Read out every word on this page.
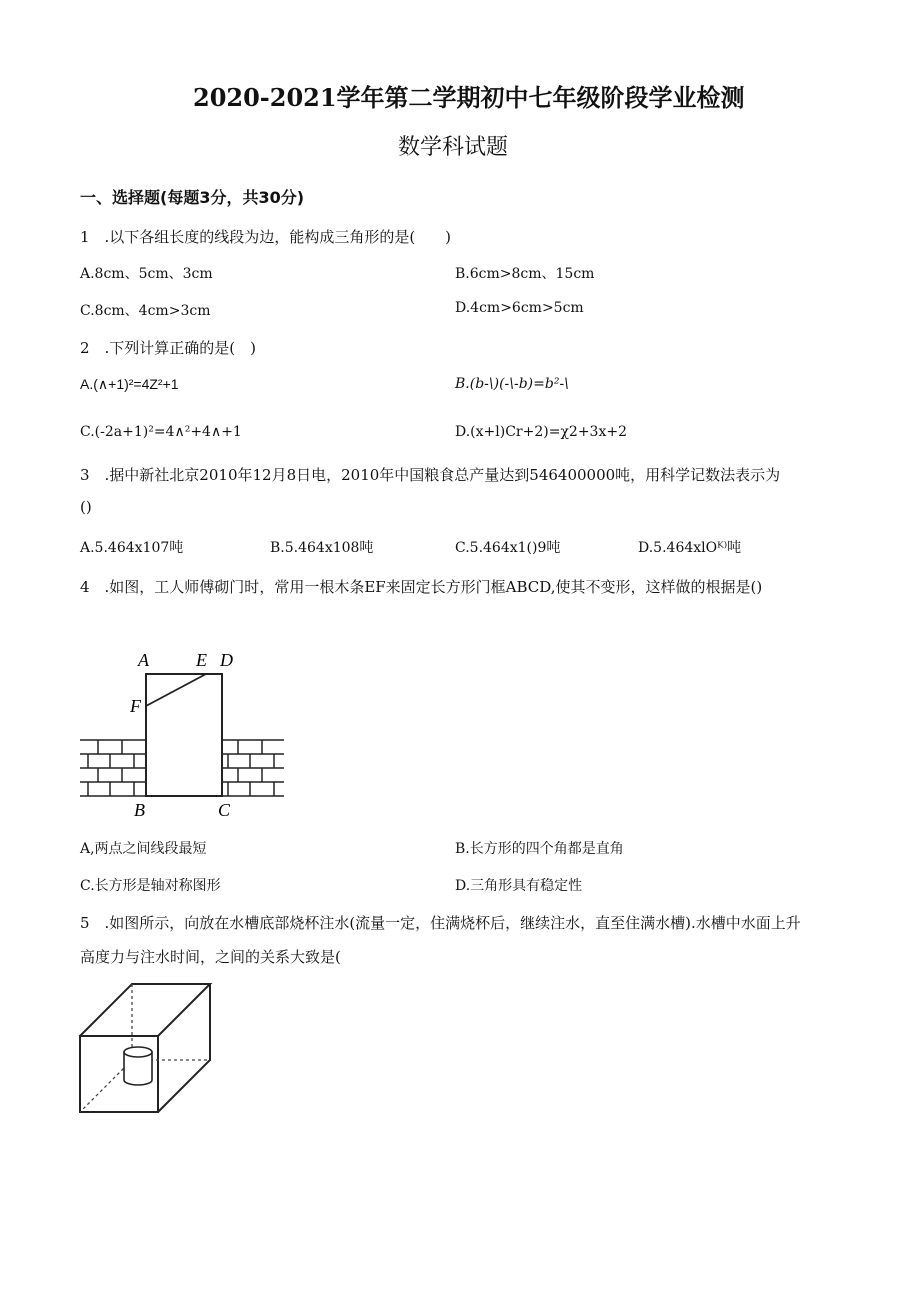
2020-2021学年第二学期初中七年级阶段学业检测
数学科试题
一、选择题(每题3分，共30分)
1 .以下各组长度的线段为边，能构成三角形的是(  )
A.8cm、5cm、3cm	B.6cm>8cm、15cm
C.8cm、4cm>3cm	D.4cm>6cm>5cm
2 .下列计算正确的是( )
A.(∧+1)²=4Z²+1	B.(b-\)(-\-b)=b²-\
C.(-2a+1)²=4∧²+4∧+1	D.(x+l)Cr+2)=χ2+3x+2
3 .据中新社北京2010年12月8日电，2010年中国粮食总产量达到546400000吨，用科学记数法表示为
()
A.5.464x107吨	B.5.464x108吨	C.5.464x1()9吨	D.5.464xlOᴷ⁾吨
4 .如图，工人师傅砌门时，常用一根木条EF来固定长方形门框ABCD,使其不变形，这样做的根据是()
A	E D
F
B	C
A,两点之间线段最短	B.长方形的四个角都是直角
C.长方形是轴对称图形	D.三角形具有稳定性
5 .如图所示，向放在水槽底部烧杯注水(流量一定，住满烧杯后，继续注水，直至住满水槽).水槽中水面上升
高度力与注水时间，之间的关系大致是(
